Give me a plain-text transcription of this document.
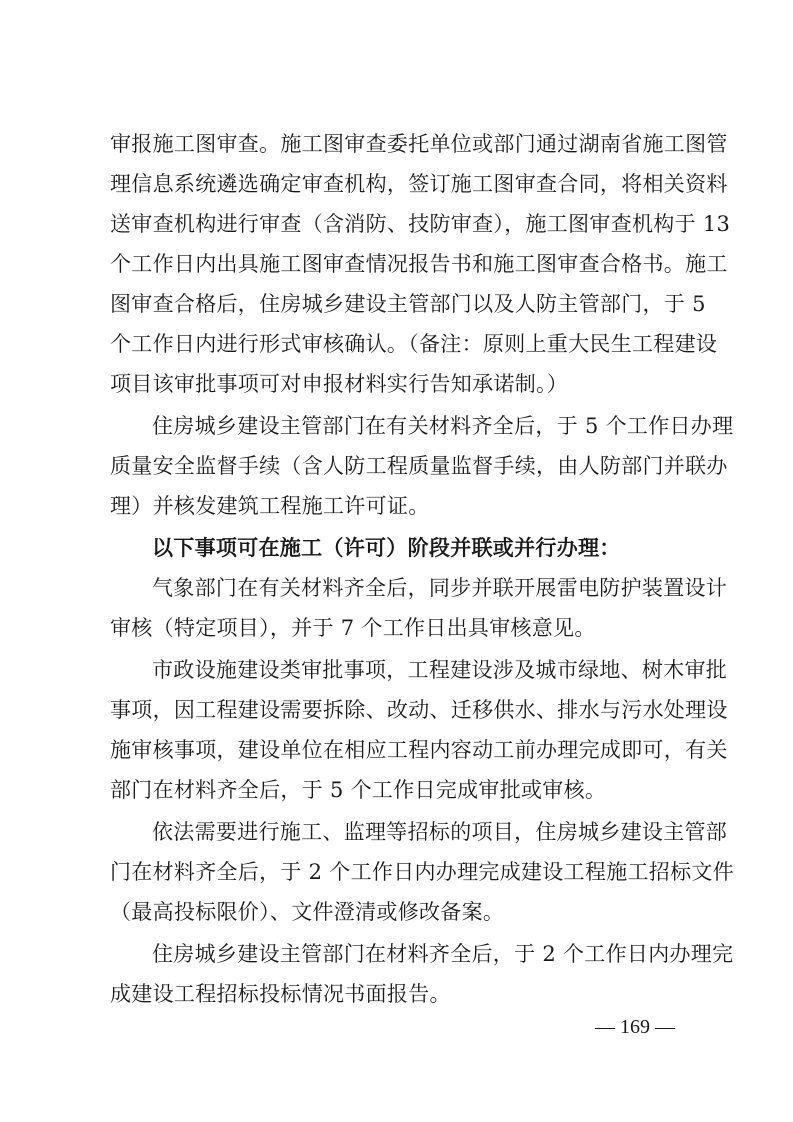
审报施工图审查。施工图审查委托单位或部门通过湖南省施工图管
理信息系统遴选确定审查机构，签订施工图审查合同，将相关资料
送审查机构进行审查（含消防、技防审查），施工图审查机构于 13
个工作日内出具施工图审查情况报告书和施工图审查合格书。施工
图审查合格后，住房城乡建设主管部门以及人防主管部门，于 5
个工作日内进行形式审核确认。（备注：原则上重大民生工程建设
项目该审批事项可对申报材料实行告知承诺制。）
住房城乡建设主管部门在有关材料齐全后，于 5 个工作日办理
质量安全监督手续（含人防工程质量监督手续，由人防部门并联办
理）并核发建筑工程施工许可证。
以下事项可在施工（许可）阶段并联或并行办理：
气象部门在有关材料齐全后，同步并联开展雷电防护装置设计
审核（特定项目），并于 7 个工作日出具审核意见。
市政设施建设类审批事项，工程建设涉及城市绿地、树木审批
事项，因工程建设需要拆除、改动、迁移供水、排水与污水处理设
施审核事项，建设单位在相应工程内容动工前办理完成即可，有关
部门在材料齐全后，于 5 个工作日完成审批或审核。
依法需要进行施工、监理等招标的项目，住房城乡建设主管部
门在材料齐全后，于 2 个工作日内办理完成建设工程施工招标文件
（最高投标限价）、文件澄清或修改备案。
住房城乡建设主管部门在材料齐全后，于 2 个工作日内办理完
成建设工程招标投标情况书面报告。
— 169 —
